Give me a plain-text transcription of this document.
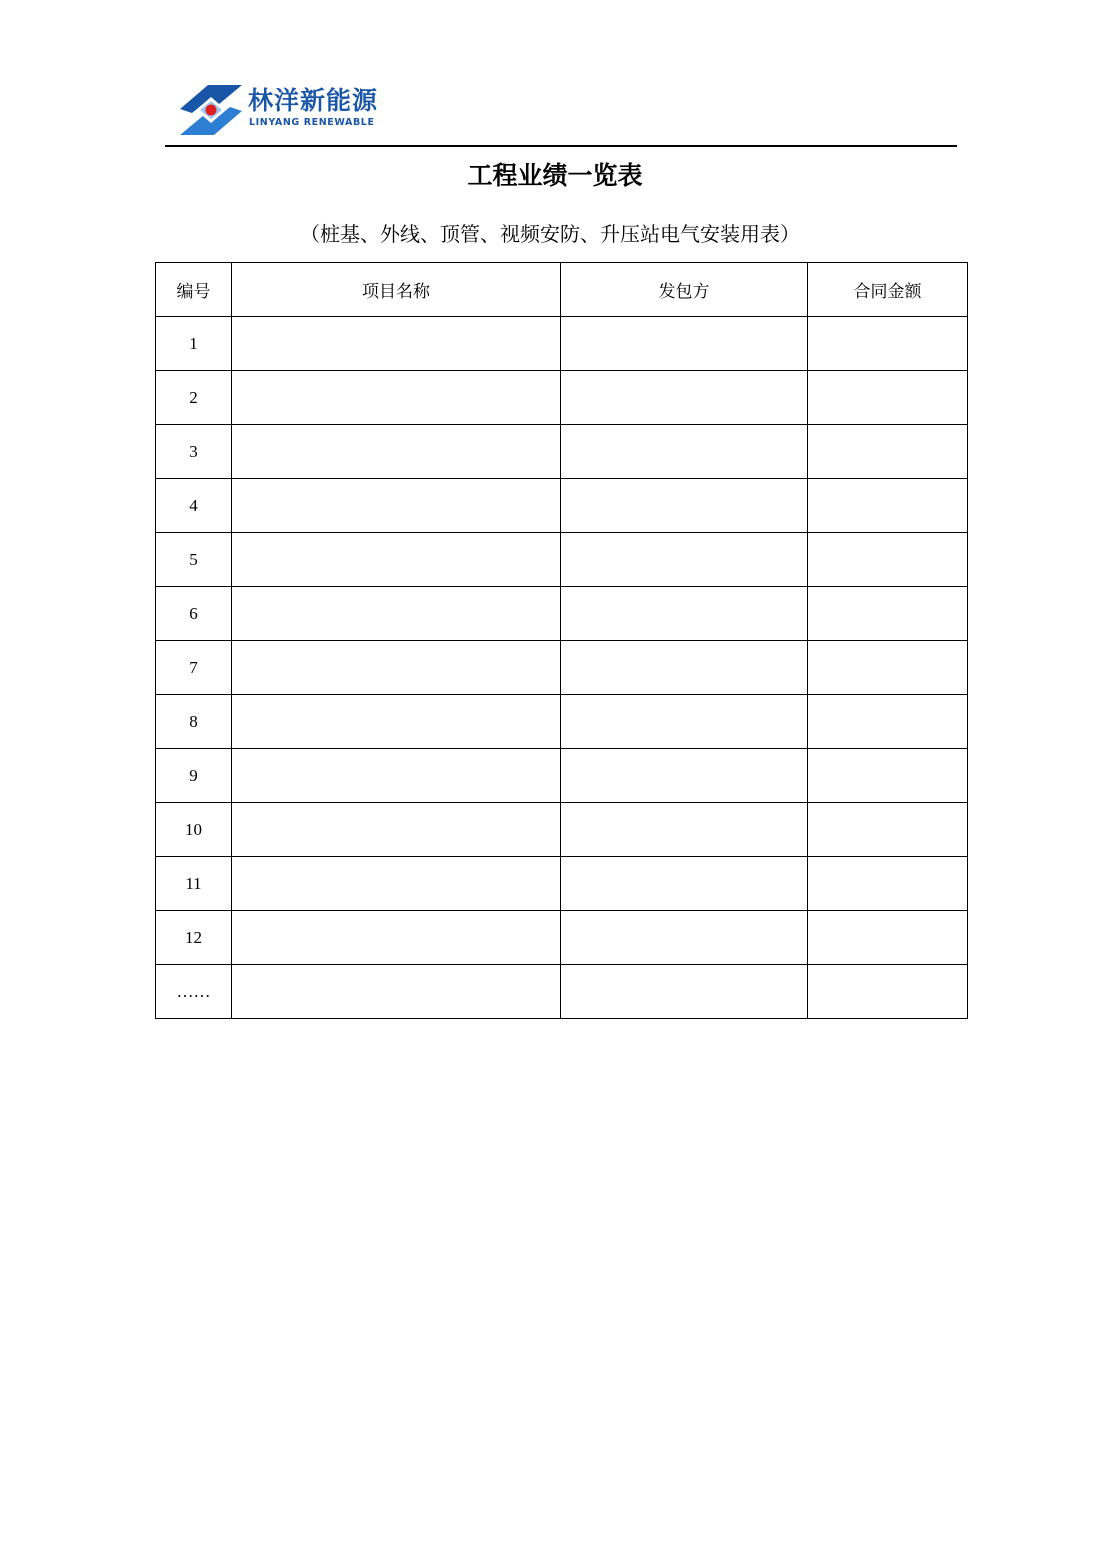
林洋新能源
LINYANG RENEWABLE
工程业绩一览表
（桩基、外线、顶管、视频安防、升压站电气安装用表）
编号	项目名称	发包方	合同金额
1			
2			
3			
4			
5			
6			
7			
8			
9			
10			
11			
12			
……			
